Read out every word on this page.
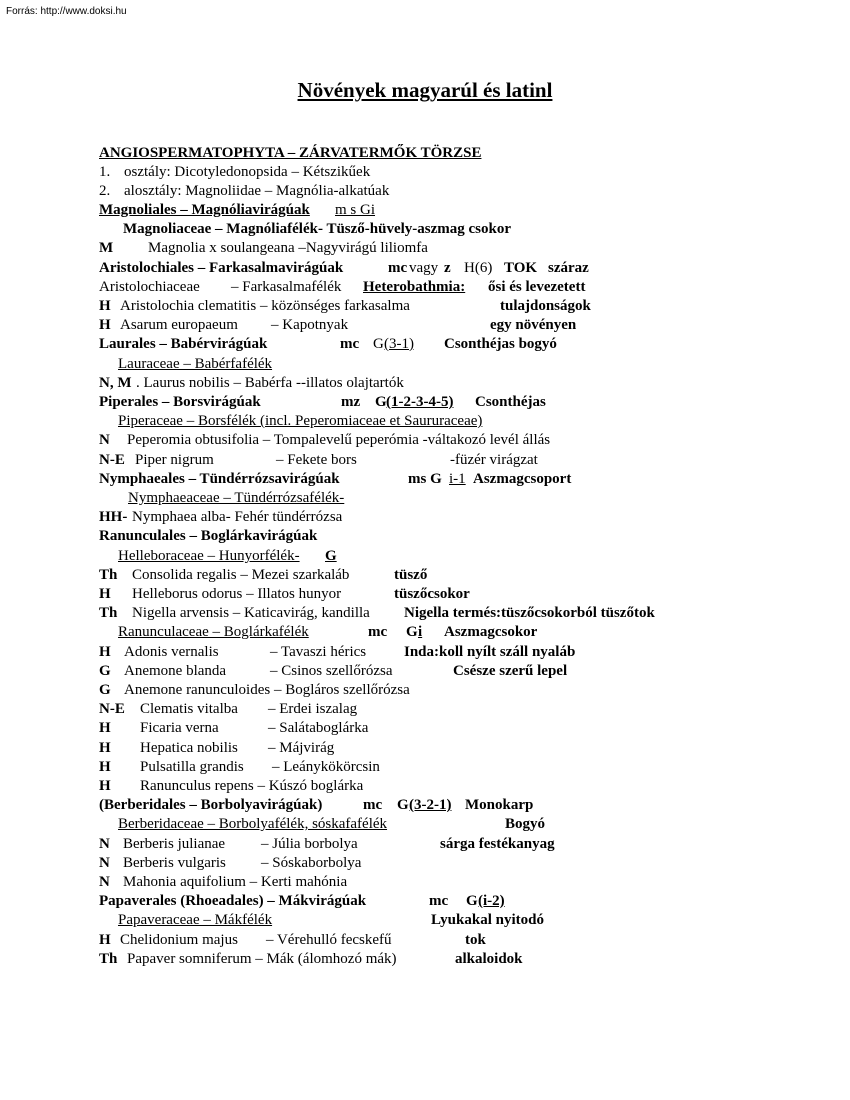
Forrás: http://www.doksi.hu
Növények magyarúl és latinl
ANGIOSPERMATOPHYTA – ZÁRVATERMŐK TÖRZSE
1. osztály: Dicotyledonopsida – Kétszikűek
2. alosztály: Magnoliidae – Magnólia-alkatúak
Magnoliales – Magnóliavirágúak m s Gi
Magnoliaceae – Magnóliafélék- Tüsző-hüvely-aszmag csokor
M Magnolia x soulangeana –Nagyvirágú liliomfa
Aristolochiales – Farkasalmavirágúak	mc vagy z H(6) TOK száraz
Aristolochiaceae – Farkasalmafélék Heterobathmia: ősi és levezetett
H Aristolochia clematitis – közönséges farkasalma	tulajdonságok
H Asarum europaeum – Kapotnyak	egy növényen
Laurales – Babérvirágúak	mc G (3-1) Csonthéjas bogyó
Lauraceae – Babérfafélék
N, M . Laurus nobilis – Babérfa --illatos olajtartók
Piperales – Borsvirágúak	mz G (1-2-3-4-5) Csonthéjas
Piperaceae – Borsfélék (incl. Peperomiaceae et Saururaceae)
N Peperomia obtusifolia – Tompalevelű peperómia -váltakozó levél állás
N-E Piper nigrum	– Fekete bors	-füzér virágzat
Nymphaeales – Tündérrózsavirágúak	ms G i-1 Aszmagcsoport
Nymphaeaceae – Tündérrózsafélék-
HH- Nymphaea alba- Fehér tündérrózsa
Ranunculales – Boglárkavirágúak
Helleboraceae – Hunyorfélék- G
Th Consolida regalis – Mezei szarkaláb	tüsző
H Helleborus odorus – Illatos hunyor	tüszőcsokor
Th Nigella arvensis – Katicavirág, kandilla Nigella termés:tüszőcsokorból tüszőtok
Ranunculaceae – Boglárkafélék	mc G i Aszmagcsokor
H Adonis vernalis	– Tavaszi hérics	Inda:koll nyílt száll nyaláb
G Anemone blanda	– Csinos szellőrózsa	Csésze szerű lepel
G Anemone ranunculoides – Bogláros szellőrózsa
N-E Clematis vitalba – Erdei iszalag
H Ficaria verna	– Salátaboglárka
H Hepatica nobilis – Májvirág
H Pulsatilla grandis – Leánykökörcsin
H Ranunculus repens – Kúszó boglárka
(Berberidales – Borbolyavirágúak)	mc G (3-2-1) Monokarp
Berberidaceae – Borbolyafélék, sóskafafélék	Bogyó
N Berberis julianae – Júlia borbolya	sárga festékanyag
N Berberis vulgaris – Sóskaborbolya
N Mahonia aquifolium – Kerti mahónia
Papaverales (Rhoeadales) – Mákvirágúak	mc G (i-2)
Papaveraceae – Mákfélék	Lyukakal nyitodó
H Chelidonium majus – Vérehulló fecskefű	tok
Th Papaver somniferum – Mák (álomhozó mák)	alkaloidok
